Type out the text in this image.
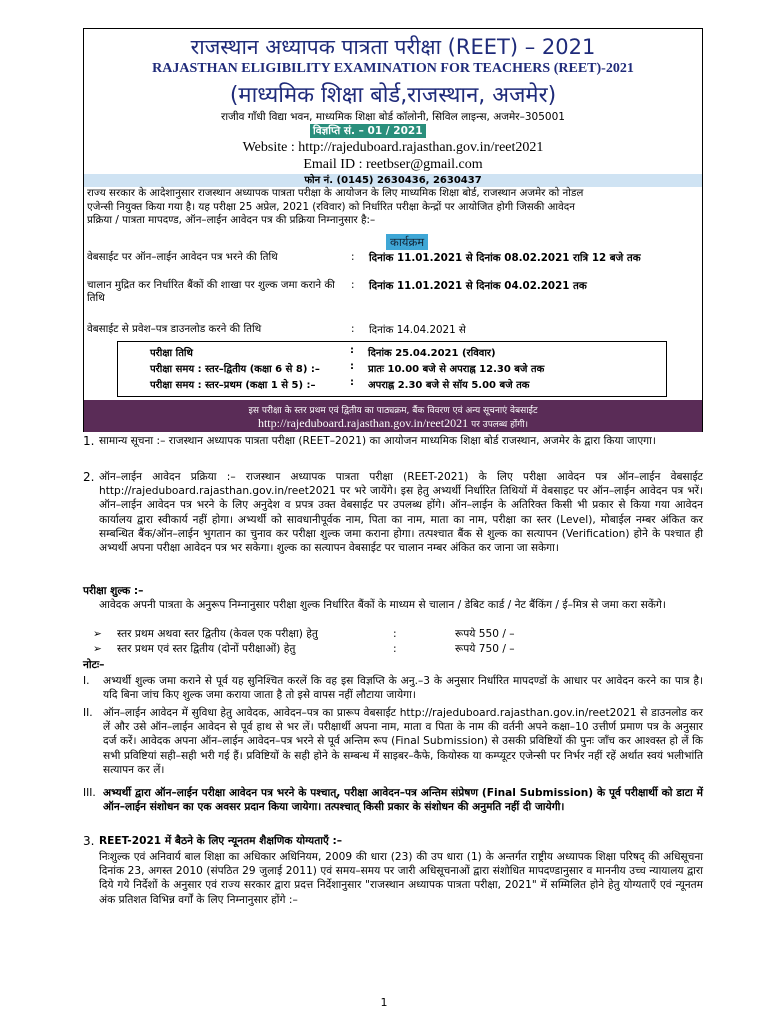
राजस्थान अध्यापक पात्रता परीक्षा (REET) – 2021
RAJASTHAN ELIGIBILITY EXAMINATION FOR TEACHERS (REET)-2021
(माध्यमिक शिक्षा बोर्ड,राजस्थान, अजमेर)
राजीव गाँधी विद्या भवन, माध्यमिक शिक्षा बोर्ड कॉलोनी, सिविल लाइन्स, अजमेर–305001
विज्ञप्ति सं. – 01 / 2021
Website : http://rajeduboard.rajasthan.gov.in/reet2021
Email ID : reetbser@gmail.com
फोन नं. (0145) 2630436, 2630437
राज्य सरकार के आदेशानुसार राजस्थान अध्यापक पात्रता परीक्षा के आयोजन के लिए माध्यमिक शिक्षा बोर्ड, राजस्थान अजमेर को नोडल
एजेन्सी नियुक्त किया गया है। यह परीक्षा 25 अप्रेल, 2021 (रविवार) को निर्धारित परीक्षा केन्द्रों पर आयोजित होगी जिसकी आवेदन
प्रक्रिया / पात्रता मापदण्ड, ऑन–लाईन आवेदन पत्र की प्रक्रिया निम्नानुसार है:–
कार्यक्रम
वेबसाईट पर ऑन–लाईन आवेदन पत्र भरने की तिथि	: दिनांक 11.01.2021 से दिनांक 08.02.2021 रात्रि 12 बजे तक
चालान मुद्रित कर निर्धारित बैंकों की शाखा पर शुल्क जमा कराने की तिथि
: दिनांक 11.01.2021 से दिनांक 04.02.2021 तक
वेबसाईट से प्रवेश–पत्र डाउनलोड करने की तिथि	: दिनांक 14.04.2021 से
परीक्षा तिथि	: दिनांक 25.04.2021 (रविवार)
परीक्षा समय : स्तर–द्वितीय (कक्षा 6 से 8) :–	: प्रातः 10.00 बजे से अपराह्न 12.30 बजे तक
परीक्षा समय : स्तर–प्रथम (कक्षा 1 से 5) :–	: अपराह्न 2.30 बजे से सॉय 5.00 बजे तक
इस परीक्षा के स्तर प्रथम एवं द्वितीय का पाठ्यक्रम, बैंक विवरण एवं अन्य सूचनाएं वेबसाईट
http://rajeduboard.rajasthan.gov.in/reet2021 पर उपलब्ध होंगी।
1. सामान्य सूचना :– राजस्थान अध्यापक पात्रता परीक्षा (REET–2021) का आयोजन माध्यमिक शिक्षा बोर्ड राजस्थान, अजमेर के द्वारा किया जाएगा।
2. ऑन–लाईन आवेदन प्रक्रिया :– राजस्थान अध्यापक पात्रता परीक्षा (REET-2021) के लिए परीक्षा आवेदन पत्र ऑन–लाईन वेबसाईट http://rajeduboard.rajasthan.gov.in/reet2021 पर भरे जायेंगे। इस हेतु अभ्यर्थी निर्धारित तिथियों में वेबसाइट पर ऑन–लाईन आवेदन पत्र भरें। ऑन–लाईन आवेदन पत्र भरने के लिए अनुदेश व प्रपत्र उक्त वेबसाईट पर उपलब्ध होंगे। ऑन–लाईन के अतिरिक्त किसी भी प्रकार से किया गया आवेदन कार्यालय द्वारा स्वीकार्य नहीं होगा। अभ्यर्थी को सावधानीपूर्वक नाम, पिता का नाम, माता का नाम, परीक्षा का स्तर (Level), मोबाईल नम्बर अंकित कर सम्बन्धित बैंक/ऑन–लाईन भुगतान का चुनाव कर परीक्षा शुल्क जमा कराना होगा। तत्पश्चात बैंक से शुल्क का सत्यापन (Verification) होने के पश्चात ही अभ्यर्थी अपना परीक्षा आवेदन पत्र भर सकेगा। शुल्क का सत्यापन वेबसाईट पर चालान नम्बर अंकित कर जाना जा सकेगा।
परीक्षा शुल्क :–
आवेदक अपनी पात्रता के अनुरूप निम्नानुसार परीक्षा शुल्क निर्धारित बैंकों के माध्यम से चालान / डेबिट कार्ड / नेट बैंकिंग / ई–मित्र से जमा करा सकेंगे।
➢ स्तर प्रथम अथवा स्तर द्वितीय (केवल एक परीक्षा) हेतु	:	रूपये 550 / –
➢ स्तर प्रथम एवं स्तर द्वितीय (दोनों परीक्षाओं) हेतु	:	रूपये 750 / –
नोटः–
I. अभ्यर्थी शुल्क जमा कराने से पूर्व यह सुनिश्चित करलें कि वह इस विज्ञप्ति के अनु.–3 के अनुसार निर्धारित मापदण्डों के आधार पर आवेदन करने का पात्र है। यदि बिना जांच किए शुल्क जमा कराया जाता है तो इसे वापस नहीं लौटाया जायेगा।
II. ऑन–लाईन आवेदन में सुविधा हेतु आवेदक, आवेदन–पत्र का प्रारूप वेबसाईट http://rajeduboard.rajasthan.gov.in/reet2021 से डाउनलोड कर लें और उसे ऑन–लाईन आवेदन से पूर्व हाथ से भर लें। परीक्षार्थी अपना नाम, माता व पिता के नाम की वर्तनी अपने कक्षा–10 उत्तीर्ण प्रमाण पत्र के अनुसार दर्ज करें। आवेदक अपना ऑन–लाईन आवेदन–पत्र भरने से पूर्व अन्तिम रूप (Final Submission) से उसकी प्रविष्टियों की पुनः जाँच कर आश्वस्त हो लें कि सभी प्रविष्टियां सही–सही भरी गई हैं। प्रविष्टियों के सही होने के सम्बन्ध में साइबर–कैफे, कियोस्क या कम्प्यूटर एजेन्सी पर निर्भर नहीं रहें अर्थात स्वयं भलीभांति सत्यापन कर लें।
III. अभ्यर्थी द्वारा ऑन–लाईन परीक्षा आवेदन पत्र भरने के पश्चात्, परीक्षा आवेदन–पत्र अन्तिम संप्रेषण (Final Submission) के पूर्व परीक्षार्थी को डाटा में ऑन–लाईन संशोधन का एक अवसर प्रदान किया जायेगा। तत्पश्चात् किसी प्रकार के संशोधन की अनुमति नहीं दी जायेगी।
3. REET-2021 में बैठने के लिए न्यूनतम शैक्षणिक योग्यताएँ :–
निःशुल्क एवं अनिवार्य बाल शिक्षा का अधिकार अधिनियम, 2009 की धारा (23) की उप धारा (1) के अन्तर्गत राष्ट्रीय अध्यापक शिक्षा परिषद् की अधिसूचना दिनांक 23, अगस्त 2010 (संपठित 29 जुलाई 2011) एवं समय–समय पर जारी अधिसूचनाओं द्वारा संशोधित मापदण्डानुसार व माननीय उच्च न्यायालय द्वारा दिये गये निर्देशों के अनुसार एवं राज्य सरकार द्वारा प्रदत्त निर्देशानुसार "राजस्थान अध्यापक पात्रता परीक्षा, 2021" में सम्मिलित होने हेतु योग्यताएँ एवं न्यूनतम अंक प्रतिशत विभिन्न वर्गों के लिए निम्नानुसार होंगे :–
1
